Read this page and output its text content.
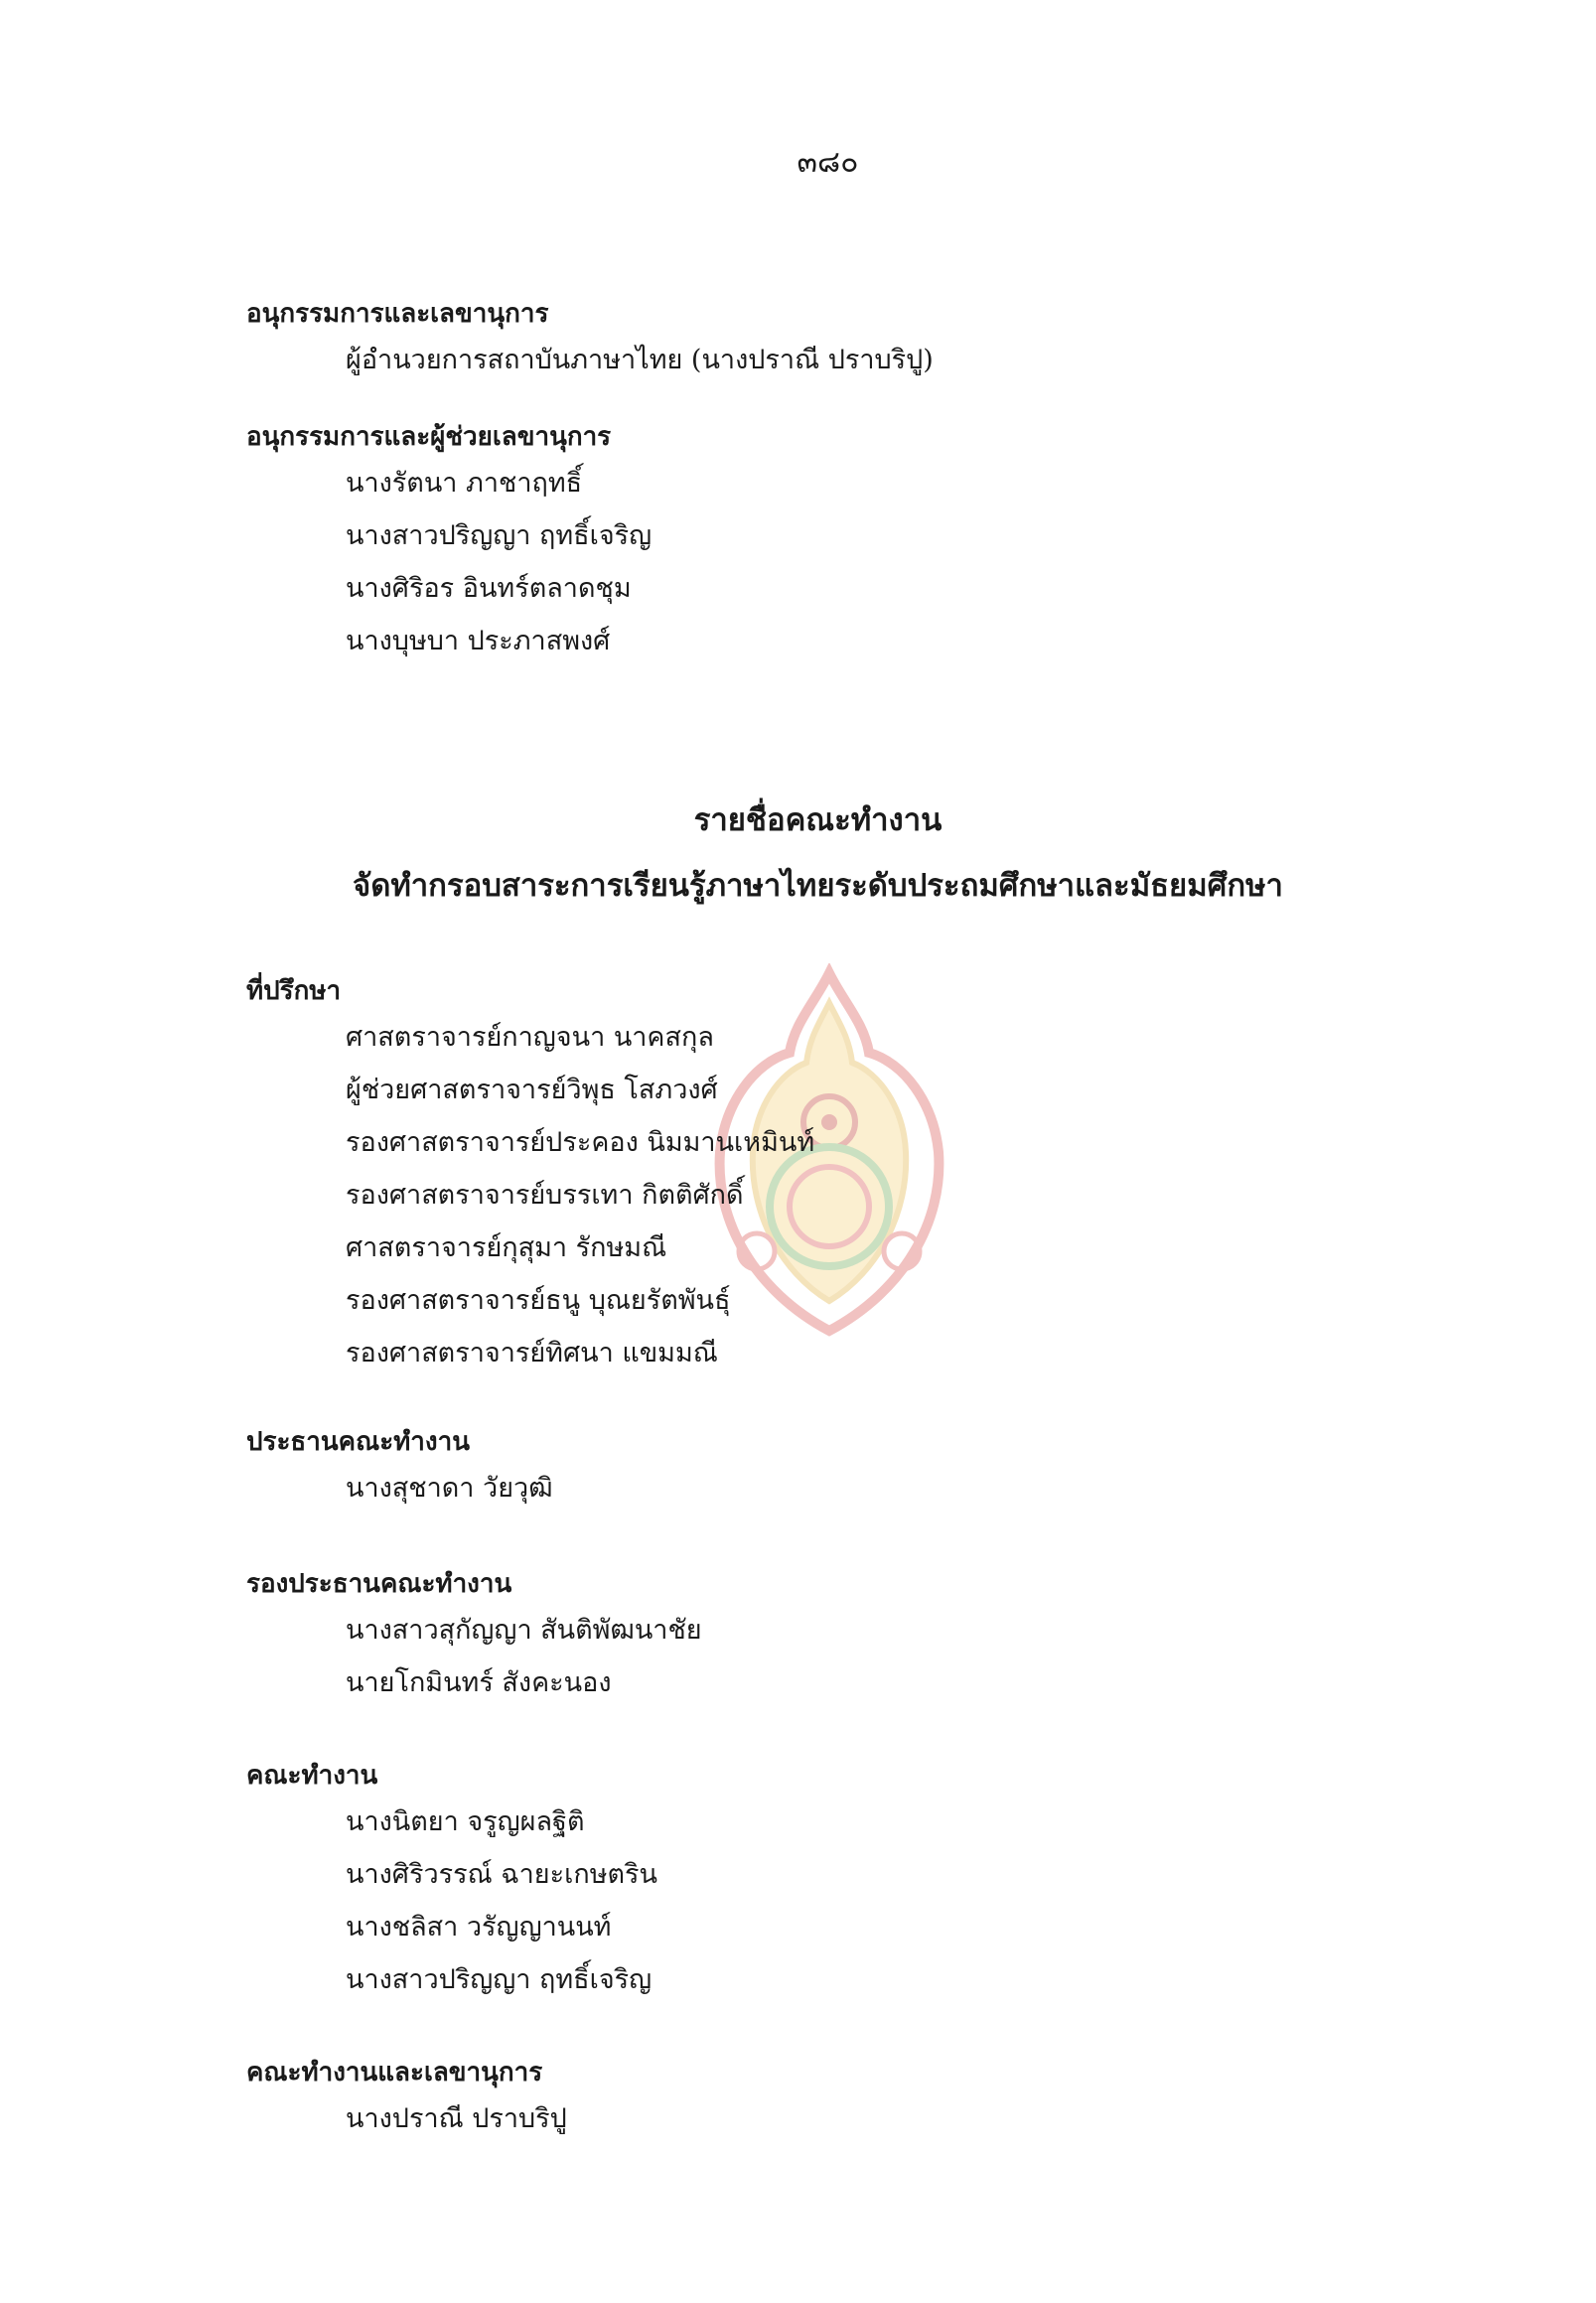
๓๘๐
อนุกรรมการและเลขานุการ
ผู้อำนวยการสถาบันภาษาไทย (นางปราณี ปราบริปู)
อนุกรรมการและผู้ช่วยเลขานุการ
นางรัตนา ภาชาฤทธิ์
นางสาวปริญญา ฤทธิ์เจริญ
นางศิริอร อินทร์ตลาดชุม
นางบุษบา ประภาสพงศ์
รายชื่อคณะทำงาน
จัดทำกรอบสาระการเรียนรู้ภาษาไทยระดับประถมศึกษาและมัธยมศึกษา
ที่ปรึกษา
ศาสตราจารย์กาญจนา นาคสกุล
ผู้ช่วยศาสตราจารย์วิพุธ โสภวงศ์
รองศาสตราจารย์ประคอง นิมมานเหมินท์
รองศาสตราจารย์บรรเทา กิตติศักดิ์
ศาสตราจารย์กุสุมา รักษมณี
รองศาสตราจารย์ธนู บุณยรัตพันธุ์
รองศาสตราจารย์ทิศนา แขมมณี
ประธานคณะทำงาน
นางสุชาดา วัยวุฒิ
รองประธานคณะทำงาน
นางสาวสุกัญญา สันติพัฒนาชัย
นายโกมินทร์ สังคะนอง
คณะทำงาน
นางนิตยา จรูญผลฐิติ
นางศิริวรรณ์ ฉายะเกษตริน
นางชลิสา วรัญญานนท์
นางสาวปริญญา ฤทธิ์เจริญ
คณะทำงานและเลขานุการ
นางปราณี ปราบริปู
